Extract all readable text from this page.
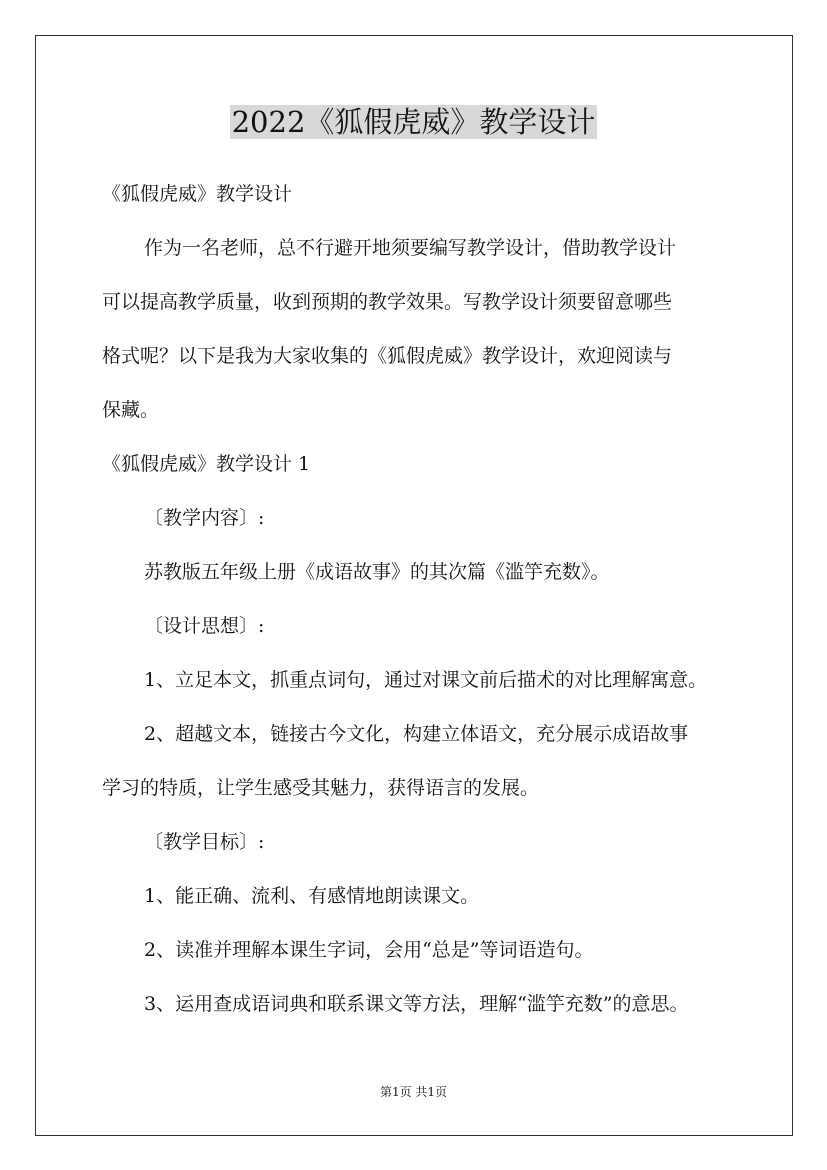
2022《狐假虎威》教学设计
《狐假虎威》教学设计
作为一名老师，总不行避开地须要编写教学设计，借助教学设计
可以提高教学质量，收到预期的教学效果。写教学设计须要留意哪些
格式呢？以下是我为大家收集的《狐假虎威》教学设计，欢迎阅读与
保藏。
《狐假虎威》教学设计 1
〔教学内容〕:
苏教版五年级上册《成语故事》的其次篇《滥竽充数》。
〔设计思想〕:
1、立足本文，抓重点词句，通过对课文前后描术的对比理解寓意。
2、超越文本，链接古今文化，构建立体语文，充分展示成语故事
学习的特质，让学生感受其魅力，获得语言的发展。
〔教学目标〕:
1、能正确、流利、有感情地朗读课文。
2、读准并理解本课生字词，会用“总是”等词语造句。
3、运用查成语词典和联系课文等方法，理解“滥竽充数”的意思。
第1页 共1页
